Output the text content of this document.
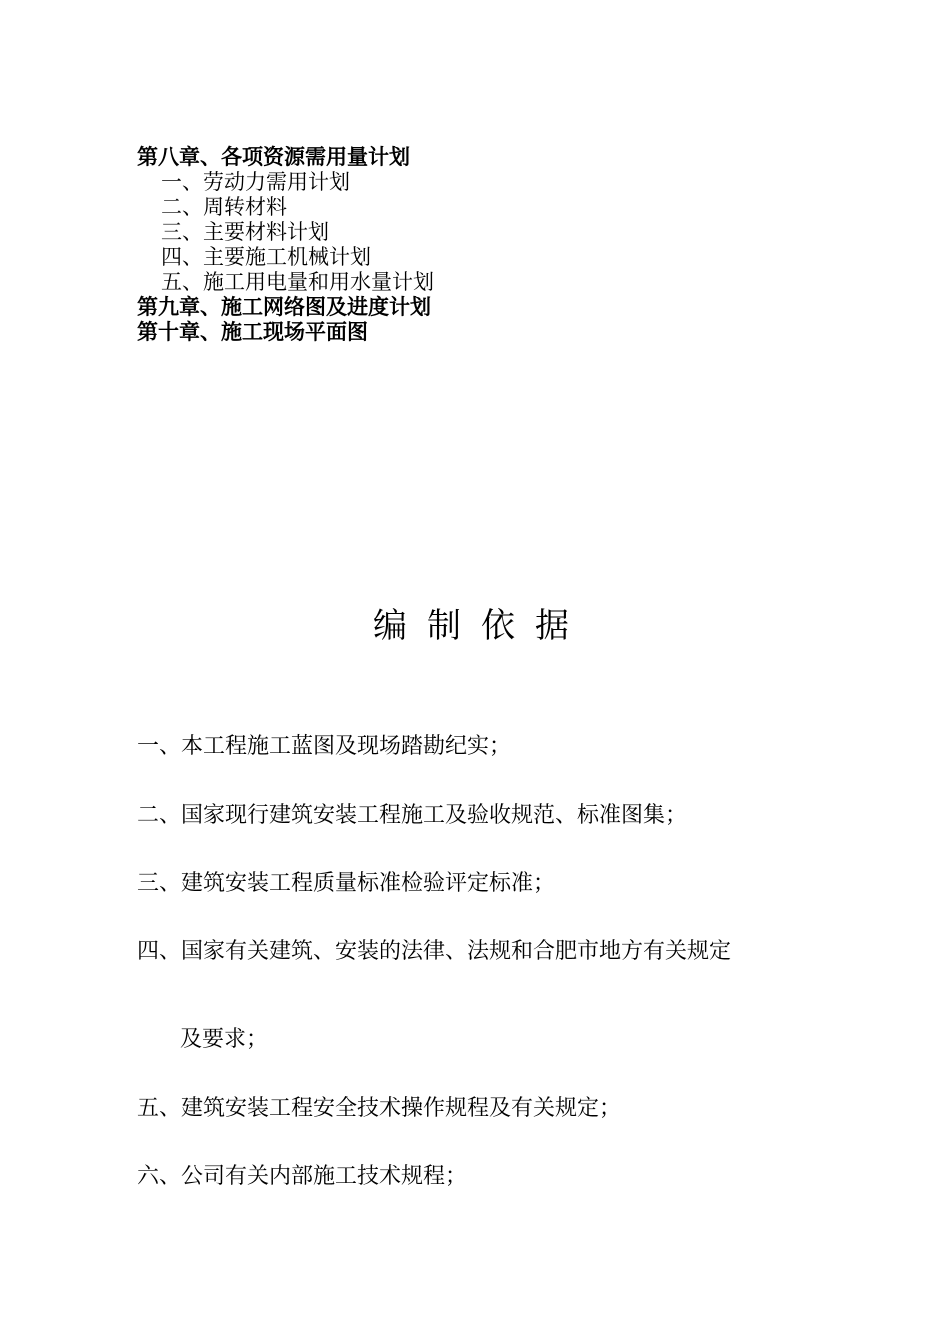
第八章、各项资源需用量计划
一、劳动力需用计划
二、周转材料
三、主要材料计划
四、主要施工机械计划
五、施工用电量和用水量计划
第九章、施工网络图及进度计划
第十章、施工现场平面图
编制依据
一、本工程施工蓝图及现场踏勘纪实；
二、国家现行建筑安装工程施工及验收规范、标准图集；
三、建筑安装工程质量标准检验评定标准；
四、国家有关建筑、安装的法律、法规和合肥市地方有关规定
及要求；
五、建筑安装工程安全技术操作规程及有关规定；
六、公司有关内部施工技术规程；
